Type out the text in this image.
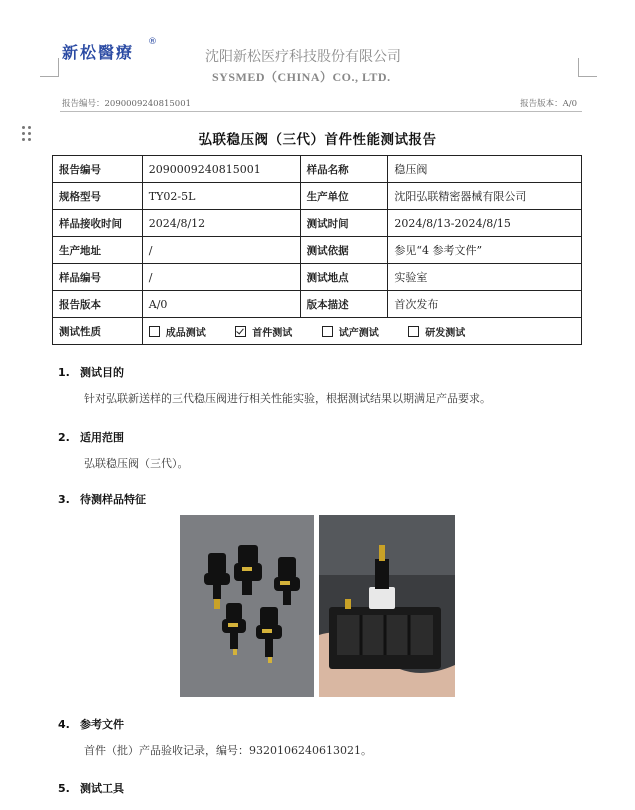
新松醫療
®
沈阳新松医疗科技股份有限公司
SYSMED（CHINA）CO., LTD.
报告编号：2090009240815001	报告版本：A/0
弘联稳压阀（三代）首件性能测试报告
报告编号	2090009240815001	样品名称	稳压阀
规格型号	TY02-5L	生产单位	沈阳弘联精密器械有限公司
样品接收时间	2024/8/12	测试时间	2024/8/13-2024/8/15
生产地址	/	测试依据	参见“4 参考文件”
样品编号	/	测试地点	实验室
报告版本	A/0	版本描述	首次发布
测试性质	成品测试 首件测试 试产测试 研发测试		
1. 测试目的
针对弘联新送样的三代稳压阀进行相关性能实验，根据测试结果以期满足产品要求。
2. 适用范围
弘联稳压阀（三代）。
3. 待测样品特征
4. 参考文件
首件（批）产品验收记录，编号：9320106240613021。
5. 测试工具
